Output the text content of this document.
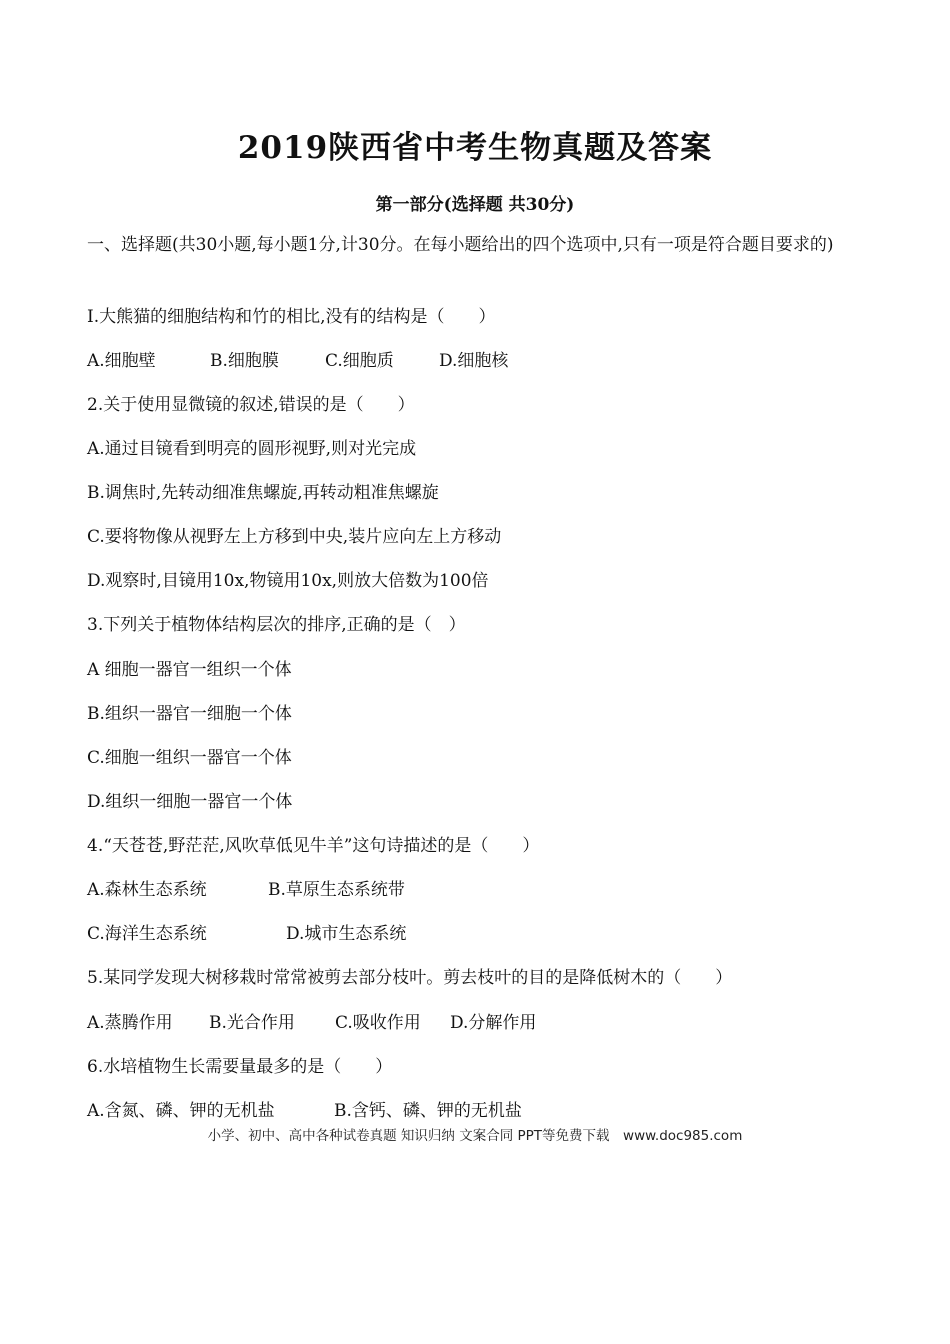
2019陕西省中考生物真题及答案
第一部分(选择题 共30分)
一、选择题(共30小题,每小题1分,计30分。在每小题给出的四个选项中,只有一项是符合题目要求的)
I.大熊猫的细胞结构和竹的相比,没有的结构是（　　）
A.细胞壁	B.细胞膜	C.细胞质	D.细胞核
2.关于使用显微镜的叙述,错误的是（　　）
A.通过目镜看到明亮的圆形视野,则对光完成
B.调焦时,先转动细准焦螺旋,再转动粗准焦螺旋
C.要将物像从视野左上方移到中央,装片应向左上方移动
D.观察时,目镜用10x,物镜用10x,则放大倍数为100倍
3.下列关于植物体结构层次的排序,正确的是（　）
A 细胞一器官一组织一个体
B.组织一器官一细胞一个体
C.细胞一组织一器官一个体
D.组织一细胞一器官一个体
4.“天苍苍,野茫茫,风吹草低见牛羊”这句诗描述的是（　　）
A.森林生态系统	B.草原生态系统带
C.海洋生态系统	D.城市生态系统
5.某同学发现大树移栽时常常被剪去部分枝叶。剪去枝叶的目的是降低树木的（　　）
A.蒸腾作用 B.光合作用 C.吸收作用 D.分解作用
6.水培植物生长需要量最多的是（　　）
A.含氮、磷、钾的无机盐	B.含钙、磷、钾的无机盐
小学、初中、高中各种试卷真题 知识归纳 文案合同 PPT等免费下载　www.doc985.com
